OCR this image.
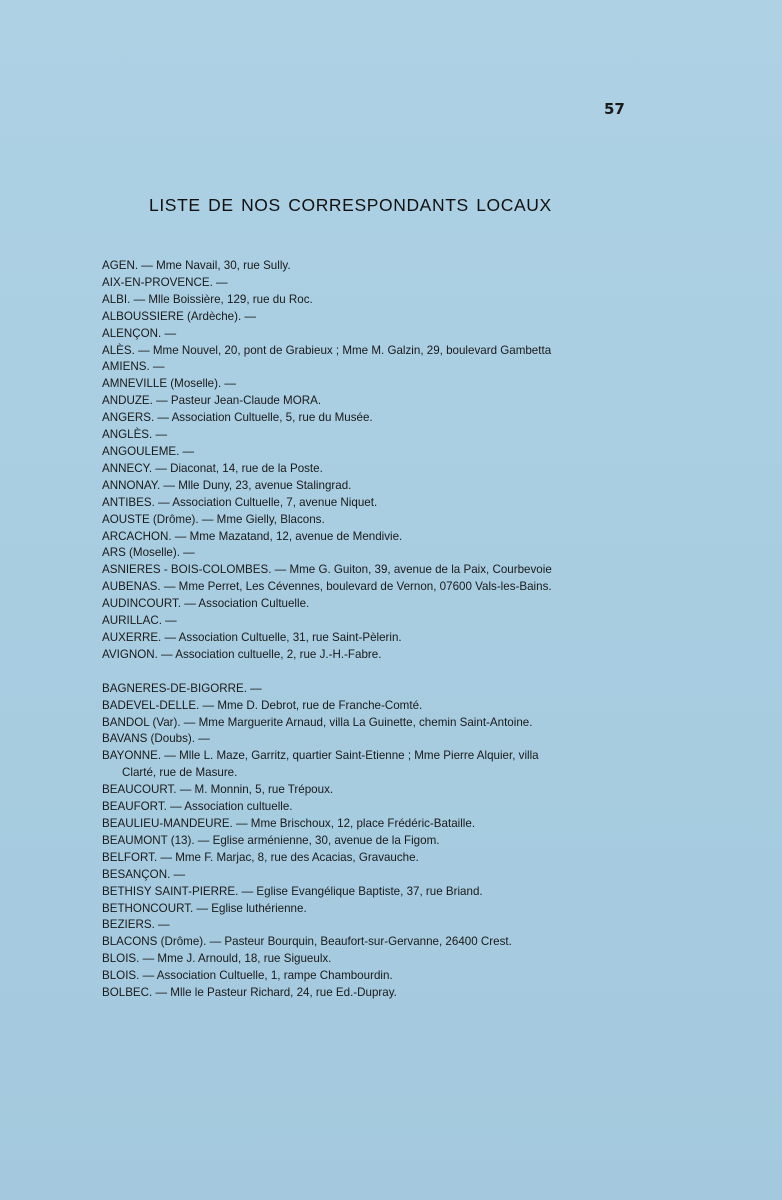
57
LISTE DE NOS CORRESPONDANTS LOCAUX
AGEN. — Mme Navail, 30, rue Sully.
AIX-EN-PROVENCE. —
ALBI. — Mlle Boissière, 129, rue du Roc.
ALBOUSSIERE (Ardèche). —
ALENÇON. —
ALÈS. — Mme Nouvel, 20, pont de Grabieux ; Mme M. Galzin, 29, boulevard Gambetta
AMIENS. —
AMNEVILLE (Moselle). —
ANDUZE. — Pasteur Jean-Claude MORA.
ANGERS. — Association Cultuelle, 5, rue du Musée.
ANGLÈS. —
ANGOULEME. —
ANNECY. — Diaconat, 14, rue de la Poste.
ANNONAY. — Mlle Duny, 23, avenue Stalingrad.
ANTIBES. — Association Cultuelle, 7, avenue Niquet.
AOUSTE (Drôme). — Mme Gielly, Blacons.
ARCACHON. — Mme Mazatand, 12, avenue de Mendivie.
ARS (Moselle). —
ASNIERES - BOIS-COLOMBES. — Mme G. Guiton, 39, avenue de la Paix, Courbevoie
AUBENAS. — Mme Perret, Les Cévennes, boulevard de Vernon, 07600 Vals-les-Bains.
AUDINCOURT. — Association Cultuelle.
AURILLAC. —
AUXERRE. — Association Cultuelle, 31, rue Saint-Pèlerin.
AVIGNON. — Association cultuelle, 2, rue J.-H.-Fabre.
BAGNERES-DE-BIGORRE. —
BADEVEL-DELLE. — Mme D. Debrot, rue de Franche-Comté.
BANDOL (Var). — Mme Marguerite Arnaud, villa La Guinette, chemin Saint-Antoine.
BAVANS (Doubs). —
BAYONNE. — Mlle L. Maze, Garritz, quartier Saint-Etienne ; Mme Pierre Alquier, villa
Clarté, rue de Masure.
BEAUCOURT. — M. Monnin, 5, rue Trépoux.
BEAUFORT. — Association cultuelle.
BEAULIEU-MANDEURE. — Mme Brischoux, 12, place Frédéric-Bataille.
BEAUMONT (13). — Eglise arménienne, 30, avenue de la Figom.
BELFORT. — Mme F. Marjac, 8, rue des Acacias, Gravauche.
BESANÇON. —
BETHISY SAINT-PIERRE. — Eglise Evangélique Baptiste, 37, rue Briand.
BETHONCOURT. — Eglise luthérienne.
BEZIERS. —
BLACONS (Drôme). — Pasteur Bourquin, Beaufort-sur-Gervanne, 26400 Crest.
BLOIS. — Mme J. Arnould, 18, rue Sigueulx.
BLOIS. — Association Cultuelle, 1, rampe Chambourdin.
BOLBEC. — Mlle le Pasteur Richard, 24, rue Ed.-Dupray.
